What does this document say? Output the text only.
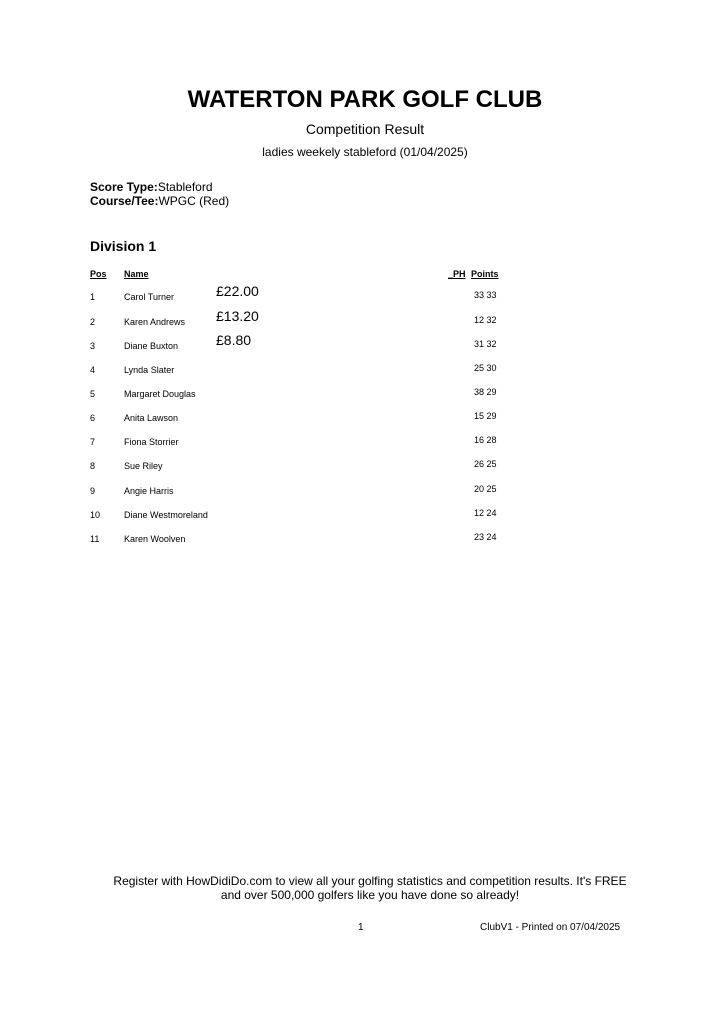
WATERTON PARK GOLF CLUB
Competition Result
ladies weekely stableford (01/04/2025)
Score Type:Stableford
Course/Tee:WPGC (Red)
Division 1
Pos Name	_PH Points
1	Carol Turner	£22.00	33 33
2	Karen Andrews £13.20	12 32
3	Diane Buxton	£8.80	31 32
4	Lynda Slater	25 30
5	Margaret Douglas	38 29
6	Anita Lawson	15 29
7	Fiona Storrier	16 28
8	Sue Riley	26 25
9	Angie Harris	20 25
10	Diane Westmoreland	12 24
11	Karen Woolven	23 24
Register with HowDidiDo.com to view all your golfing statistics and competition results. It's FREE
and over 500,000 golfers like you have done so already!
1	ClubV1 - Printed on 07/04/2025
